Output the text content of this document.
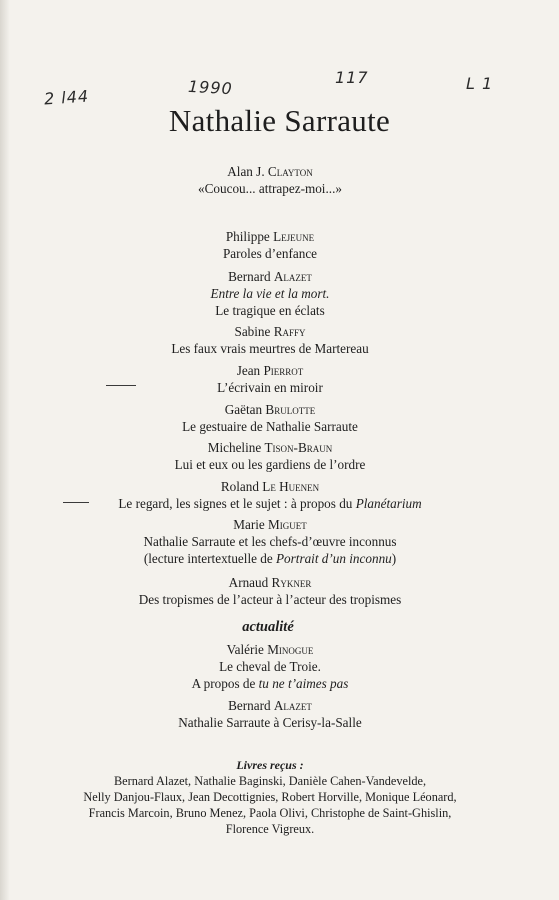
2 l44	1990	117	L 1
Nathalie Sarraute
Alan J. Clayton
«Coucou... attrapez-moi...»
Philippe Lejeune
Paroles d’enfance
Bernard Alazet
Entre la vie et la mort.
Le tragique en éclats
Sabine Raffy
Les faux vrais meurtres de Martereau
Jean Pierrot
L’écrivain en miroir
Gaëtan Brulotte
Le gestuaire de Nathalie Sarraute
Micheline Tison-Braun
Lui et eux ou les gardiens de l’ordre
Roland Le Huenen
Le regard, les signes et le sujet : à propos du Planétarium
Marie Miguet
Nathalie Sarraute et les chefs-d’œuvre inconnus
(lecture intertextuelle de Portrait d’un inconnu)
Arnaud Rykner
Des tropismes de l’acteur à l’acteur des tropismes
actualité
Valérie Minogue
Le cheval de Troie.
A propos de tu ne t’aimes pas
Bernard Alazet
Nathalie Sarraute à Cerisy-la-Salle
Livres reçus :
Bernard Alazet, Nathalie Baginski, Danièle Cahen-Vandevelde,
Nelly Danjou-Flaux, Jean Decottignies, Robert Horville, Monique Léonard,
Francis Marcoin, Bruno Menez, Paola Olivi, Christophe de Saint-Ghislin,
Florence Vigreux.
